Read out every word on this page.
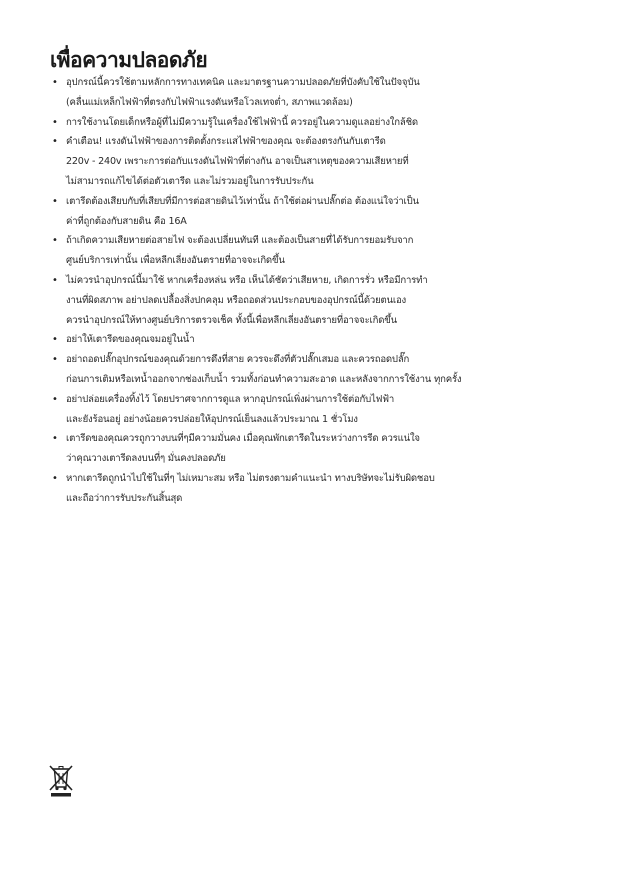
เพื่อความปลอดภัย
• อุปกรณ์นี้ควรใช้ตามหลักการทางเทคนิค และมาตรฐานความปลอดภัยที่บังคับใช้ในปัจจุบัน
(คลื่นแม่เหล็กไฟฟ้าที่ตรงกับไฟฟ้าแรงดันหรือโวลเทจต่ำ, สภาพแวดล้อม)
• การใช้งานโดยเด็กหรือผู้ที่ไม่มีความรู้ในเครื่องใช้ไฟฟ้านี้ ควรอยู่ในความดูแลอย่างใกล้ชิด
• คำเตือน! แรงดันไฟฟ้าของการติดตั้งกระแสไฟฟ้าของคุณ จะต้องตรงกันกับเตารีด
220v - 240v เพราะการต่อกับแรงดันไฟฟ้าที่ต่างกัน อาจเป็นสาเหตุของความเสียหายที่
ไม่สามารถแก้ไขได้ต่อตัวเตารีด และไม่รวมอยู่ในการรับประกัน
• เตารีดต้องเสียบกับที่เสียบที่มีการต่อสายดินไว้เท่านั้น ถ้าใช้ต่อผ่านปลั๊กต่อ ต้องแน่ใจว่าเป็น
ค่าที่ถูกต้องกับสายดิน คือ 16A
• ถ้าเกิดความเสียหายต่อสายไฟ จะต้องเปลี่ยนทันที และต้องเป็นสายที่ได้รับการยอมรับจาก
ศูนย์บริการเท่านั้น เพื่อหลีกเลี่ยงอันตรายที่อาจจะเกิดขึ้น
• ไม่ควรนำอุปกรณ์นี้มาใช้ หากเครื่องหล่น หรือ เห็นได้ชัดว่าเสียหาย, เกิดการรั่ว หรือมีการทำ
งานที่ผิดสภาพ อย่าปลดเปลื้องสิ่งปกคลุม หรือถอดส่วนประกอบของอุปกรณ์นี้ด้วยตนเอง
ควรนำอุปกรณ์ให้ทางศูนย์บริการตรวจเช็ค ทั้งนี้เพื่อหลีกเลี่ยงอันตรายที่อาจจะเกิดขึ้น
• อย่าให้เตารีดของคุณจมอยู่ในน้ำ
• อย่าถอดปลั๊กอุปกรณ์ของคุณด้วยการดึงที่สาย ควรจะดึงที่ตัวปลั๊กเสมอ และควรถอดปลั๊ก
ก่อนการเติมหรือเทน้ำออกจากช่องเก็บน้ำ รวมทั้งก่อนทำความสะอาด และหลังจากการใช้งาน ทุกครั้ง
• อย่าปล่อยเครื่องทิ้งไว้ โดยปราศจากการดูแล หากอุปกรณ์เพิ่งผ่านการใช้ต่อกับไฟฟ้า
และยังร้อนอยู่ อย่างน้อยควรปล่อยให้อุปกรณ์เย็นลงแล้วประมาณ 1 ชั่วโมง
• เตารีดของคุณควรถูกวางบนที่ๆมีความมั่นคง เมื่อคุณพักเตารีดในระหว่างการรีด ควรแน่ใจ
ว่าคุณวางเตารีดลงบนที่ๆ มั่นคงปลอดภัย
• หากเตารีดถูกนำไปใช้ในที่ๆ ไม่เหมาะสม หรือ ไม่ตรงตามคำแนะนำ ทางบริษัทจะไม่รับผิดชอบ
และถือว่าการรับประกันสิ้นสุด
